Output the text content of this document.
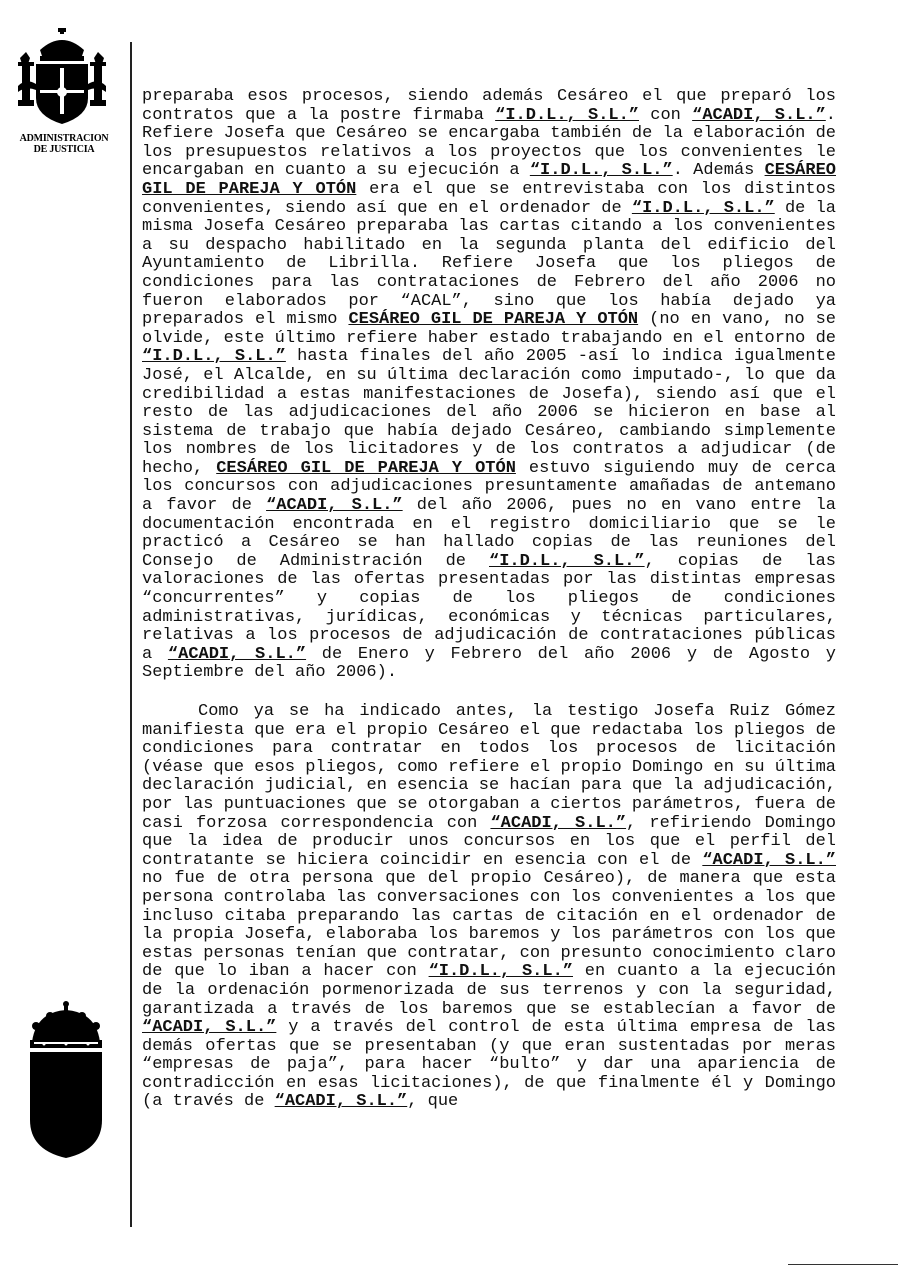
ADMINISTRACION
DE JUSTICIA

preparaba esos procesos, siendo además Cesáreo el que preparó los contratos que a la postre firmaba “I.D.L., S.L.” con “ACADI, S.L.”. Refiere Josefa que Cesáreo se encargaba también de la elaboración de los presupuestos relativos a los proyectos que los convenientes le encargaban en cuanto a su ejecución a “I.D.L., S.L.”. Además CESÁREO GIL DE PAREJA Y OTÓN era el que se entrevistaba con los distintos convenientes, siendo así que en el ordenador de “I.D.L., S.L.” de la misma Josefa Cesáreo preparaba las cartas citando a los convenientes a su despacho habilitado en la segunda planta del edificio del Ayuntamiento de Librilla. Refiere Josefa que los pliegos de condiciones para las contrataciones de Febrero del año 2006 no fueron elaborados por “ACAL”, sino que los había dejado ya preparados el mismo CESÁREO GIL DE PAREJA Y OTÓN (no en vano, no se olvide, este último refiere haber estado trabajando en el entorno de “I.D.L., S.L.” hasta finales del año 2005 -así lo indica igualmente José, el Alcalde, en su última declaración como imputado-, lo que da credibilidad a estas manifestaciones de Josefa), siendo así que el resto de las adjudicaciones del año 2006 se hicieron en base al sistema de trabajo que había dejado Cesáreo, cambiando simplemente los nombres de los licitadores y de los contratos a adjudicar (de hecho, CESÁREO GIL DE PAREJA Y OTÓN estuvo siguiendo muy de cerca los concursos con adjudicaciones presuntamente amañadas de antemano a favor de “ACADI, S.L.” del año 2006, pues no en vano entre la documentación encontrada en el registro domiciliario que se le practicó a Cesáreo se han hallado copias de las reuniones del Consejo de Administración de “I.D.L., S.L.”, copias de las valoraciones de las ofertas presentadas por las distintas empresas “concurrentes” y copias de los pliegos de condiciones administrativas, jurídicas, económicas y técnicas particulares, relativas a los procesos de adjudicación de contrataciones públicas a “ACADI, S.L.” de Enero y Febrero del año 2006 y de Agosto y Septiembre del año 2006).

Como ya se ha indicado antes, la testigo Josefa Ruiz Gómez manifiesta que era el propio Cesáreo el que redactaba los pliegos de condiciones para contratar en todos los procesos de licitación (véase que esos pliegos, como refiere el propio Domingo en su última declaración judicial, en esencia se hacían para que la adjudicación, por las puntuaciones que se otorgaban a ciertos parámetros, fuera de casi forzosa correspondencia con “ACADI, S.L.”, refiriendo Domingo que la idea de producir unos concursos en los que el perfil del contratante se hiciera coincidir en esencia con el de “ACADI, S.L.” no fue de otra persona que del propio Cesáreo), de manera que esta persona controlaba las conversaciones con los convenientes a los que incluso citaba preparando las cartas de citación en el ordenador de la propia Josefa, elaboraba los baremos y los parámetros con los que estas personas tenían que contratar, con presunto conocimiento claro de que lo iban a hacer con “I.D.L., S.L.” en cuanto a la ejecución de la ordenación pormenorizada de sus terrenos y con la seguridad, garantizada a través de los baremos que se establecían a favor de “ACADI, S.L.” y a través del control de esta última empresa de las demás ofertas que se presentaban (y que eran sustentadas por meras “empresas de paja”, para hacer “bulto” y dar una apariencia de contradicción en esas licitaciones), de que finalmente él y Domingo (a través de “ACADI, S.L.”, que
